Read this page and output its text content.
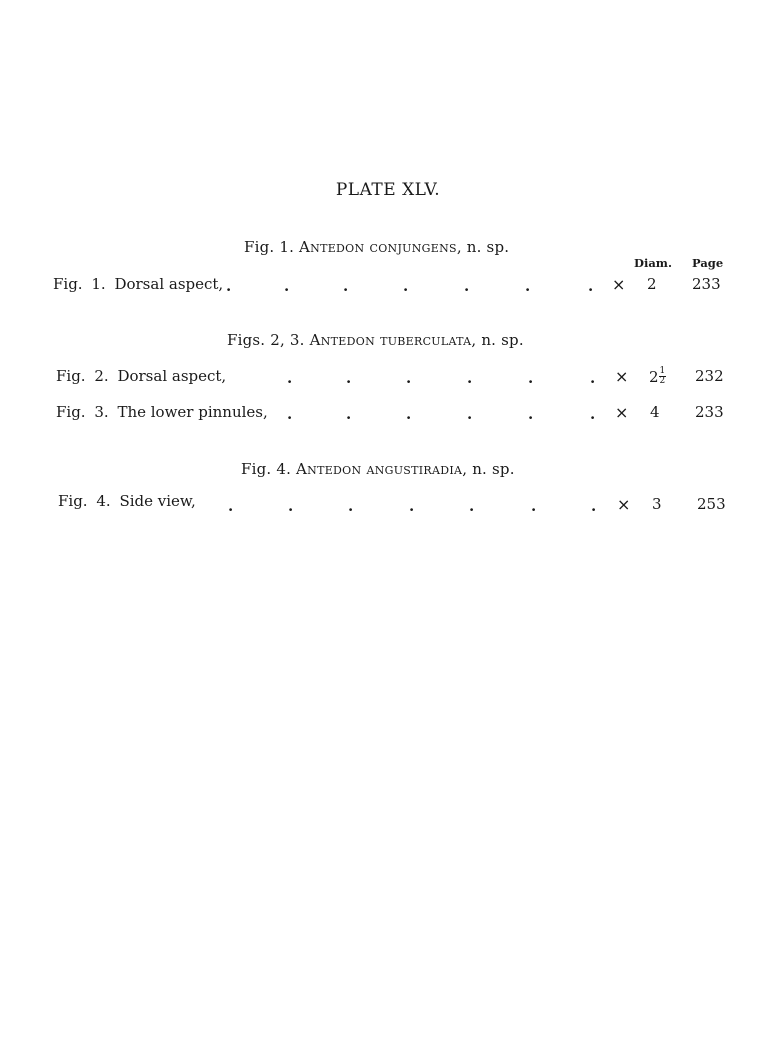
PLATE XLV.
Fig. 1. Antedon conjungens, n. sp.
Diam. Page
Fig. 1. Dorsal aspect, .	.	.	.	.	.	. × 2 233
Figs. 2, 3. Antedon tuberculata, n. sp.
Fig. 2. Dorsal aspect,	.	.	.	.	.	. × $2 \frac{1}{2} 232$
Fig. 3. The lower pinnules, .	.	.	.	.	. × 4 233
Fig. 4. Antedon angustiradia, n. sp.
Fig. 4. Side view, .	.	.	.	.	.	. × 3 253
